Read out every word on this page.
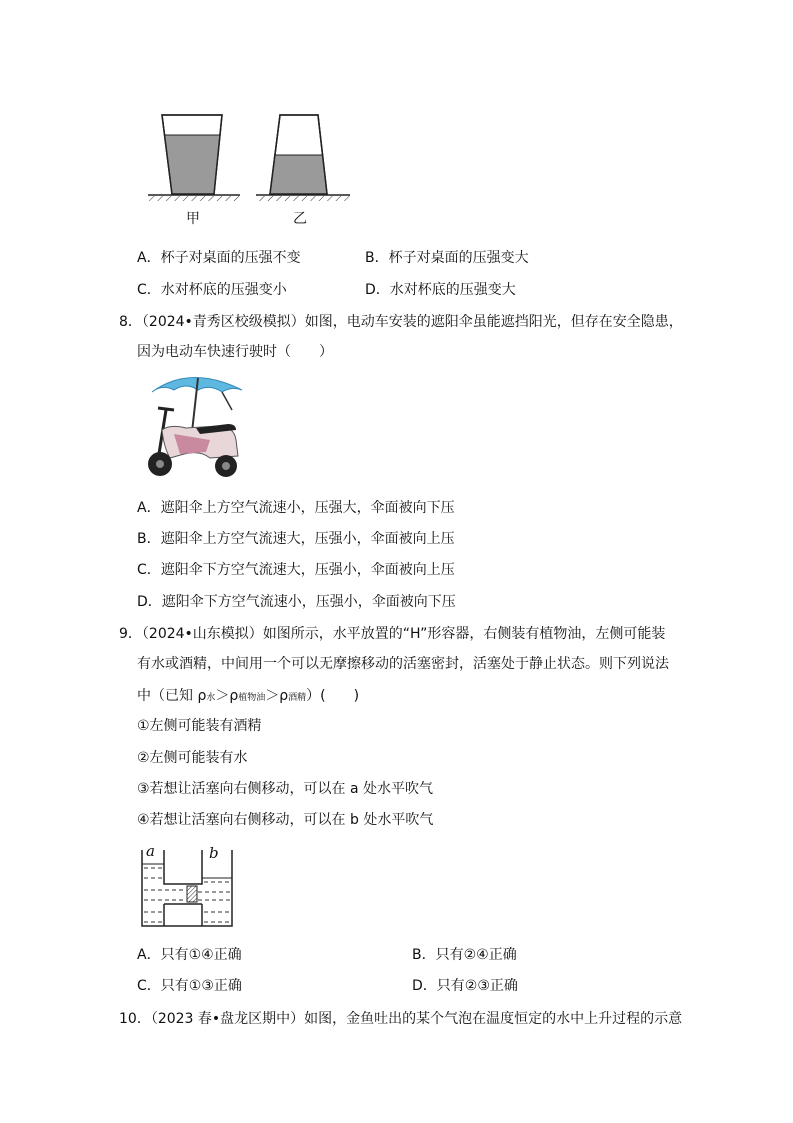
甲	乙
A．杯子对桌面的压强不变	B．杯子对桌面的压强变大
C．水对杯底的压强变小	D．水对杯底的压强变大
8．（2024•青秀区校级模拟）如图，电动车安装的遮阳伞虽能遮挡阳光，但存在安全隐患，
因为电动车快速行驶时（　　）
A．遮阳伞上方空气流速小，压强大，伞面被向下压
B．遮阳伞上方空气流速大，压强小，伞面被向上压
C．遮阳伞下方空气流速大，压强小，伞面被向上压
D．遮阳伞下方空气流速小，压强小，伞面被向下压
9．（2024•山东模拟）如图所示，水平放置的“H”形容器，右侧装有植物油，左侧可能装
有水或酒精，中间用一个可以无摩擦移动的活塞密封，活塞处于静止状态。则下列说法
中（已知 ρ水＞ρ植物油＞ρ酒精）(　　)
①左侧可能装有酒精
②左侧可能装有水
③若想让活塞向右侧移动，可以在 a 处水平吹气
④若想让活塞向右侧移动，可以在 b 处水平吹气
a	b
A．只有①④正确	B．只有②④正确
C．只有①③正确	D．只有②③正确
10．（2023 春•盘龙区期中）如图，金鱼吐出的某个气泡在温度恒定的水中上升过程的示意
